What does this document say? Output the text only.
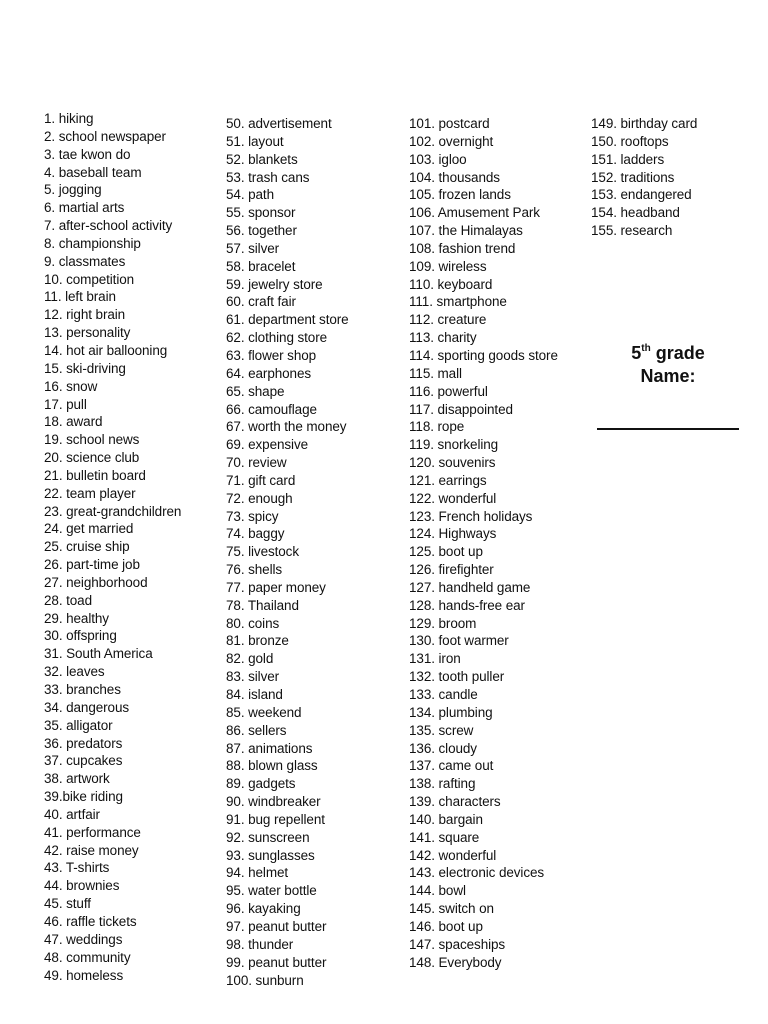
1. hiking
2. school newspaper
3. tae kwon do
4. baseball team
5. jogging
6. martial arts
7. after-school activity
8. championship
9. classmates
10. competition
11. left brain
12. right brain
13. personality
14. hot air ballooning
15. ski-driving
16. snow
17. pull
18. award
19. school news
20. science club
21. bulletin board
22. team player
23. great-grandchildren
24. get married
25. cruise ship
26. part-time job
27. neighborhood
28. toad
29. healthy
30. offspring
31. South America
32. leaves
33. branches
34. dangerous
35. alligator
36. predators
37. cupcakes
38. artwork
39.bike riding
40. artfair
41. performance
42. raise money
43. T-shirts
44. brownies
45. stuff
46. raffle tickets
47. weddings
48. community
49. homeless
50. advertisement
51. layout
52. blankets
53. trash cans
54. path
55. sponsor
56. together
57. silver
58. bracelet
59. jewelry store
60. craft fair
61. department store
62. clothing store
63. flower shop
64. earphones
65. shape
66. camouflage
67. worth the money
69. expensive
70. review
71. gift card
72. enough
73. spicy
74. baggy
75. livestock
76. shells
77. paper money
78. Thailand
80. coins
81. bronze
82. gold
83. silver
84. island
85. weekend
86. sellers
87. animations
88. blown glass
89. gadgets
90. windbreaker
91. bug repellent
92. sunscreen
93. sunglasses
94. helmet
95. water bottle
96. kayaking
97. peanut butter
98. thunder
99. peanut butter
100. sunburn
101. postcard
102. overnight
103. igloo
104. thousands
105. frozen lands
106. Amusement Park
107. the Himalayas
108. fashion trend
109. wireless
110. keyboard
111. smartphone
112. creature
113. charity
114. sporting goods store
115. mall
116. powerful
117. disappointed
118. rope
119. snorkeling
120. souvenirs
121. earrings
122. wonderful
123. French holidays
124. Highways
125. boot up
126. firefighter
127. handheld game
128. hands-free ear
129. broom
130. foot warmer
131. iron
132. tooth puller
133. candle
134. plumbing
135. screw
136. cloudy
137. came out
138. rafting
139. characters
140. bargain
141. square
142. wonderful
143. electronic devices
144. bowl
145. switch on
146. boot up
147. spaceships
148. Everybody
149. birthday card
150. rooftops
151. ladders
152. traditions
153. endangered
154. headband
155. research
5th grade
Name:
